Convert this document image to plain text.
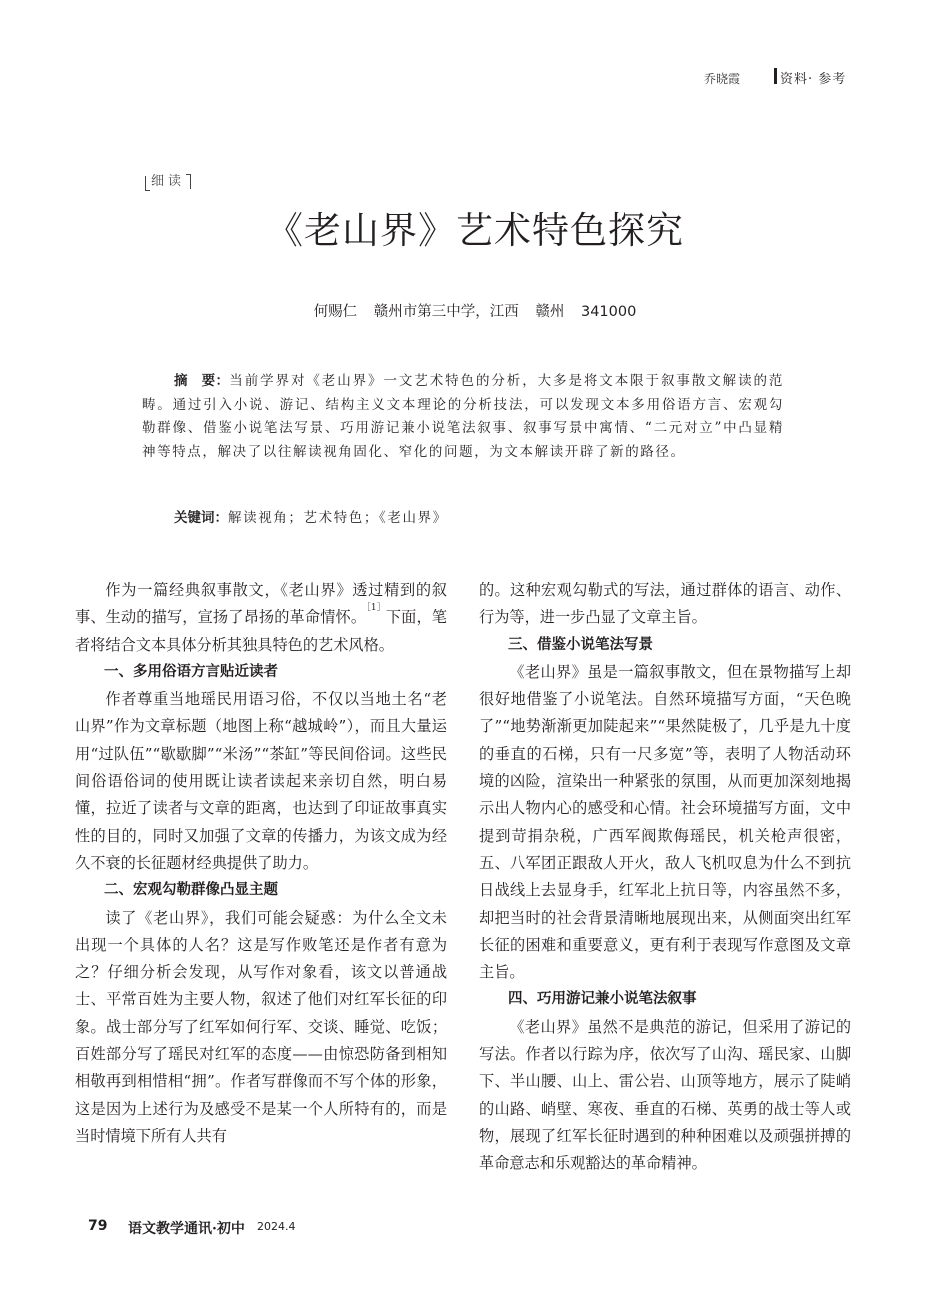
乔晓霞	资料· 参考
细读
《老山界》艺术特色探究
何赐仁 赣州市第三中学，江西 赣州 341000
摘　要：当前学界对《老山界》一文艺术特色的分析，大多是将文本限于叙事散文解读的范畴。通过引入小说、游记、结构主义文本理论的分析技法，可以发现文本多用俗语方言、宏观勾勒群像、借鉴小说笔法写景、巧用游记兼小说笔法叙事、叙事写景中寓情、“二元对立”中凸显精神等特点，解决了以往解读视角固化、窄化的问题，为文本解读开辟了新的路径。
关键词：解读视角；艺术特色；《老山界》

作为一篇经典叙事散文，《老山界》透过精到的叙事、生动的描写，宣扬了昂扬的革命情怀。$^{[1]}$下面，笔者将结合文本具体分析其独具特色的艺术风格。

一、多用俗语方言贴近读者

作者尊重当地瑶民用语习俗，不仅以当地土名“老山界”作为文章标题（地图上称“越城岭”），而且大量运用“过队伍”“歇歇脚”“米汤”“茶缸”等民间俗词。这些民间俗语俗词的使用既让读者读起来亲切自然，明白易懂，拉近了读者与文章的距离，也达到了印证故事真实性的目的，同时又加强了文章的传播力，为该文成为经久不衰的长征题材经典提供了助力。

二、宏观勾勒群像凸显主题

读了《老山界》，我们可能会疑惑：为什么全文未出现一个具体的人名？这是写作败笔还是作者有意为之？仔细分析会发现，从写作对象看，该文以普通战士、平常百姓为主要人物，叙述了他们对红军长征的印象。战士部分写了红军如何行军、交谈、睡觉、吃饭；百姓部分写了瑶民对红军的态度——由惊恐防备到相知相敬再到相惜相“拥”。作者写群像而不写个体的形象，这是因为上述行为及感受不是某一个人所特有的，而是当时情境下所有人共有

的。这种宏观勾勒式的写法，通过群体的语言、动作、行为等，进一步凸显了文章主旨。

三、借鉴小说笔法写景

《老山界》虽是一篇叙事散文，但在景物描写上却很好地借鉴了小说笔法。自然环境描写方面，“天色晚了”“地势渐渐更加陡起来”“果然陡极了，几乎是九十度的垂直的石梯，只有一尺多宽”等，表明了人物活动环境的凶险，渲染出一种紧张的氛围，从而更加深刻地揭示出人物内心的感受和心情。社会环境描写方面，文中提到苛捐杂税，广西军阀欺侮瑶民，机关枪声很密，五、八军团正跟敌人开火，敌人飞机叹息为什么不到抗日战线上去显身手，红军北上抗日等，内容虽然不多，却把当时的社会背景清晰地展现出来，从侧面突出红军长征的困难和重要意义，更有利于表现写作意图及文章主旨。

四、巧用游记兼小说笔法叙事

《老山界》虽然不是典范的游记，但采用了游记的写法。作者以行踪为序，依次写了山沟、瑶民家、山脚下、半山腰、山上、雷公岩、山顶等地方，展示了陡峭的山路、峭壁、寒夜、垂直的石梯、英勇的战士等人或物，展现了红军长征时遇到的种种困难以及顽强拼搏的革命意志和乐观豁达的革命精神。

79 语文教学通讯·初中 2024.4
